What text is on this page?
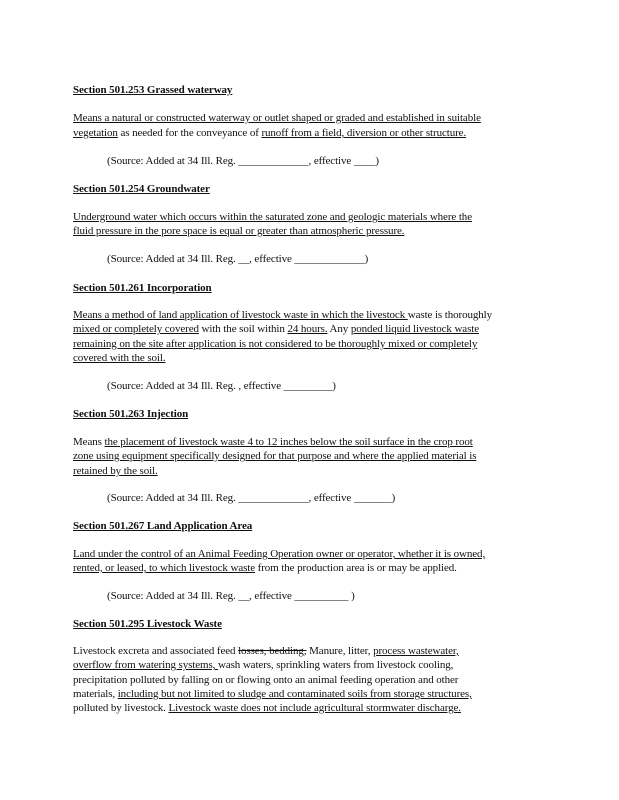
Section 501.253 Grassed waterway
Means a natural or constructed waterway or outlet shaped or graded and established in suitable
vegetation as needed for the conveyance of runoff from a field, diversion or other structure.
(Source: Added at 34 Ill. Reg. _____________, effective ____)
Section 501.254 Groundwater
Underground water which occurs within the saturated zone and geologic materials where the
fluid pressure in the pore space is equal or greater than atmospheric pressure.
(Source: Added at 34 Ill. Reg. __, effective _____________)
Section 501.261 Incorporation
Means a method of land application of livestock waste in which the livestock waste is thoroughly
mixed or completely covered with the soil within 24 hours. Any ponded liquid livestock waste
remaining on the site after application is not considered to be thoroughly mixed or completely
covered with the soil.
(Source: Added at 34 Ill. Reg. , effective _________)
Section 501.263 Injection
Means the placement of livestock waste 4 to 12 inches below the soil surface in the crop root
zone using equipment specifically designed for that purpose and where the applied material is
retained by the soil.
(Source: Added at 34 Ill. Reg. _____________, effective _______)
Section 501.267 Land Application Area
Land under the control of an Animal Feeding Operation owner or operator, whether it is owned,
rented, or leased, to which livestock waste from the production area is or may be applied.
(Source: Added at 34 Ill. Reg. __, effective __________ )
Section 501.295 Livestock Waste
Livestock excreta and associated feed losses, bedding, Manure, litter, process wastewater,
overflow from watering systems, wash waters, sprinkling waters from livestock cooling,
precipitation polluted by falling on or flowing onto an animal feeding operation and other
materials, including but not limited to sludge and contaminated soils from storage structures,
polluted by livestock. Livestock waste does not include agricultural stormwater discharge.
